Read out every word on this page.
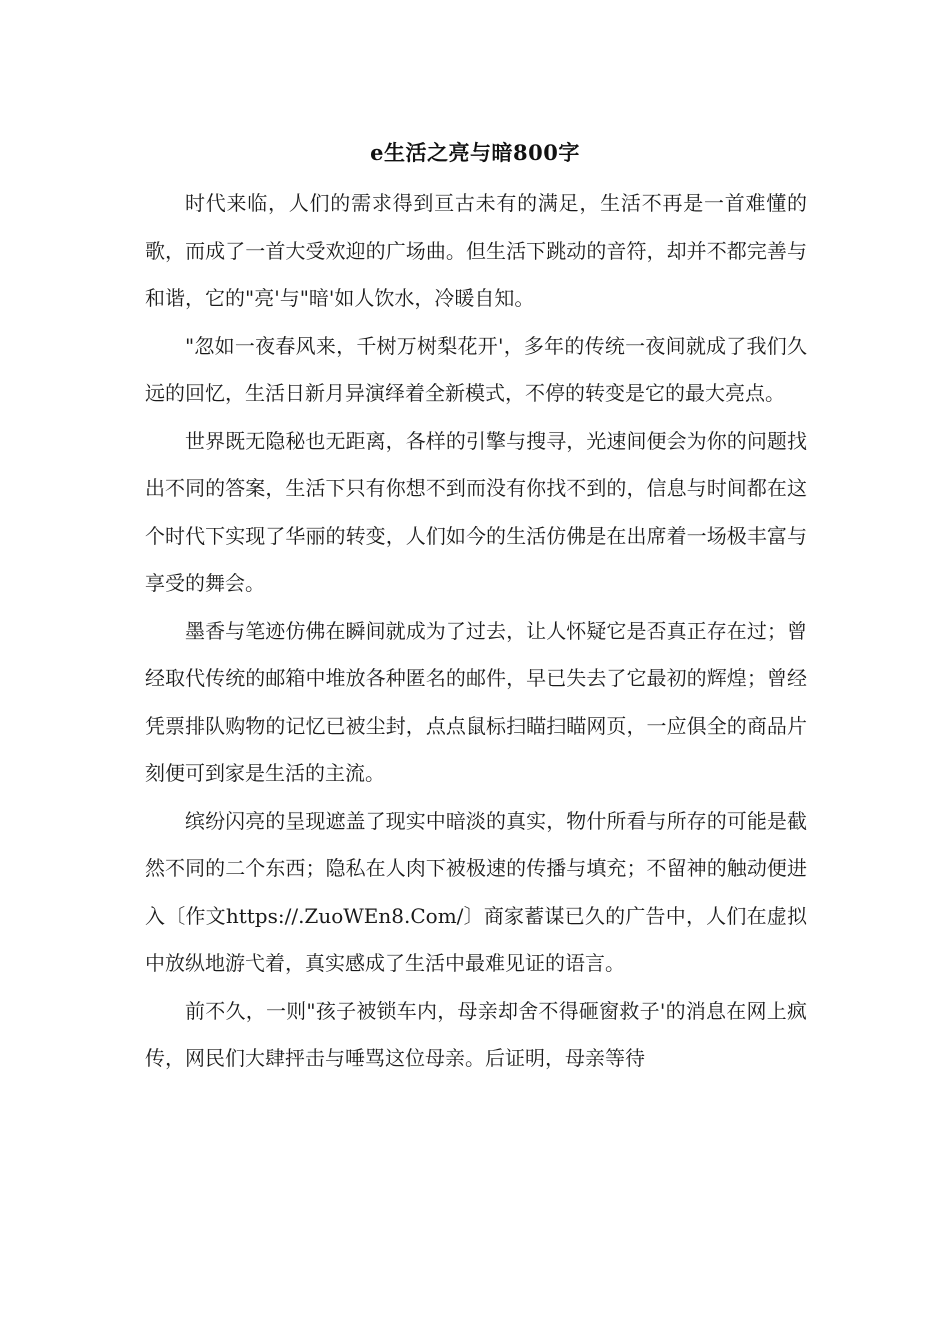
e生活之亮与暗800字

时代来临，人们的需求得到亘古未有的满足，生活不再是一首难懂的歌，而成了一首大受欢迎的广场曲。但生活下跳动的音符，却并不都完善与和谐，它的"亮'与"暗'如人饮水，冷暖自知。

"忽如一夜春风来，千树万树梨花开'，多年的传统一夜间就成了我们久远的回忆，生活日新月异演绎着全新模式，不停的转变是它的最大亮点。

世界既无隐秘也无距离，各样的引擎与搜寻，光速间便会为你的问题找出不同的答案，生活下只有你想不到而没有你找不到的，信息与时间都在这个时代下实现了华丽的转变，人们如今的生活仿佛是在出席着一场极丰富与享受的舞会。

墨香与笔迹仿佛在瞬间就成为了过去，让人怀疑它是否真正存在过；曾经取代传统的邮箱中堆放各种匿名的邮件，早已失去了它最初的辉煌；曾经凭票排队购物的记忆已被尘封，点点鼠标扫瞄扫瞄网页，一应俱全的商品片刻便可到家是生活的主流。

缤纷闪亮的呈现遮盖了现实中暗淡的真实，物什所看与所存的可能是截然不同的二个东西；隐私在人肉下被极速的传播与填充；不留神的触动便进入〔作文https://.ZuoWEn8.Com/〕商家蓄谋已久的广告中，人们在虚拟中放纵地游弋着，真实感成了生活中最难见证的语言。

前不久，一则"孩子被锁车内，母亲却舍不得砸窗救子'的消息在网上疯传，网民们大肆抨击与唾骂这位母亲。后证明，母亲等待
